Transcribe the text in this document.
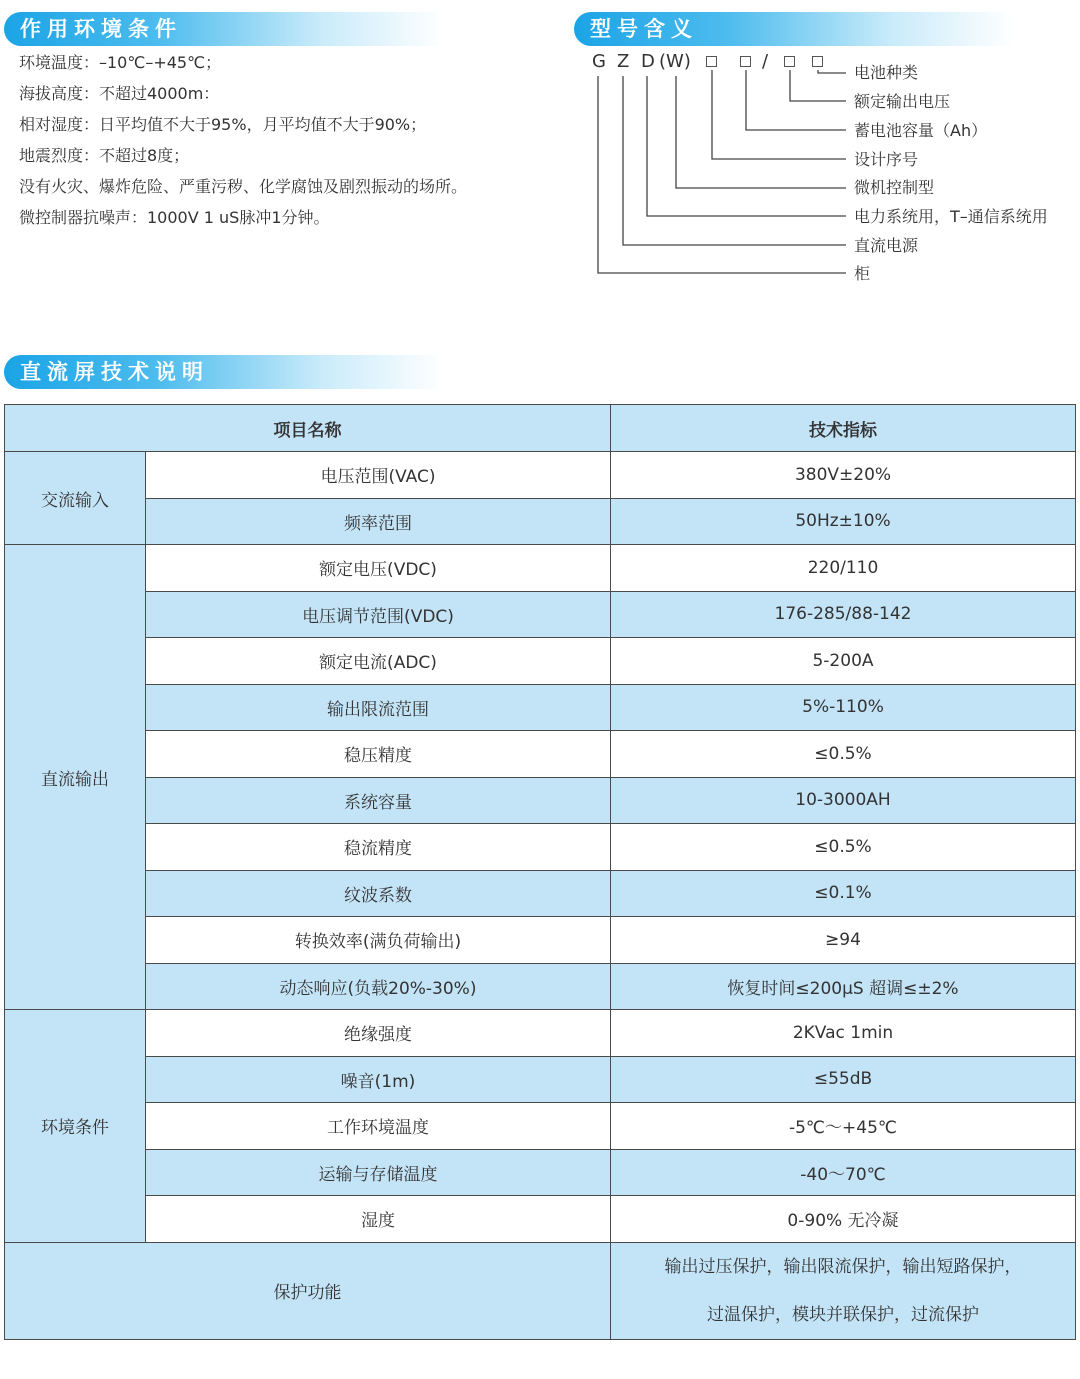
作用环境条件	型号含义
直流屏技术说明
环境温度：–10℃–+45℃；
海拔高度：不超过4000m：
相对湿度：日平均值不大于95%，月平均值不大于90%；
地震烈度：不超过8度；
没有火灾、爆炸危险、严重污秽、化学腐蚀及剧烈振动的场所。
微控制器抗噪声：1000V 1 uS脉冲1分钟。
G Z D (W)	/
电池种类
额定输出电压
蓄电池容量（Ah）
设计序号
微机控制型
电力系统用，T–通信系统用
直流电源
柜
项目名称		技术指标
交流输入	电压范围(VAC)	380V±20%
	频率范围	50Hz±10%
直流输出	额定电压(VDC)	220/110
	电压调节范围(VDC)	176-285/88-142
	额定电流(ADC)	5-200A
	输出限流范围	5%-110%
	稳压精度	≤0.5%
	系统容量	10-3000AH
	稳流精度	≤0.5%
	纹波系数	≤0.1%
	转换效率(满负荷输出)	≥94
	动态响应(负载20%-30%)	恢复时间≤200μS 超调≤±2%
环境条件	绝缘强度	2KVac 1min
	噪音(1m)	≤55dB
	工作环境温度	-5℃～+45℃
	运输与存储温度	-40～70℃
	湿度	0-90% 无冷凝
保护功能		输出过压保护，输出限流保护，输出短路保护，
过温保护，模块并联保护，过流保护
